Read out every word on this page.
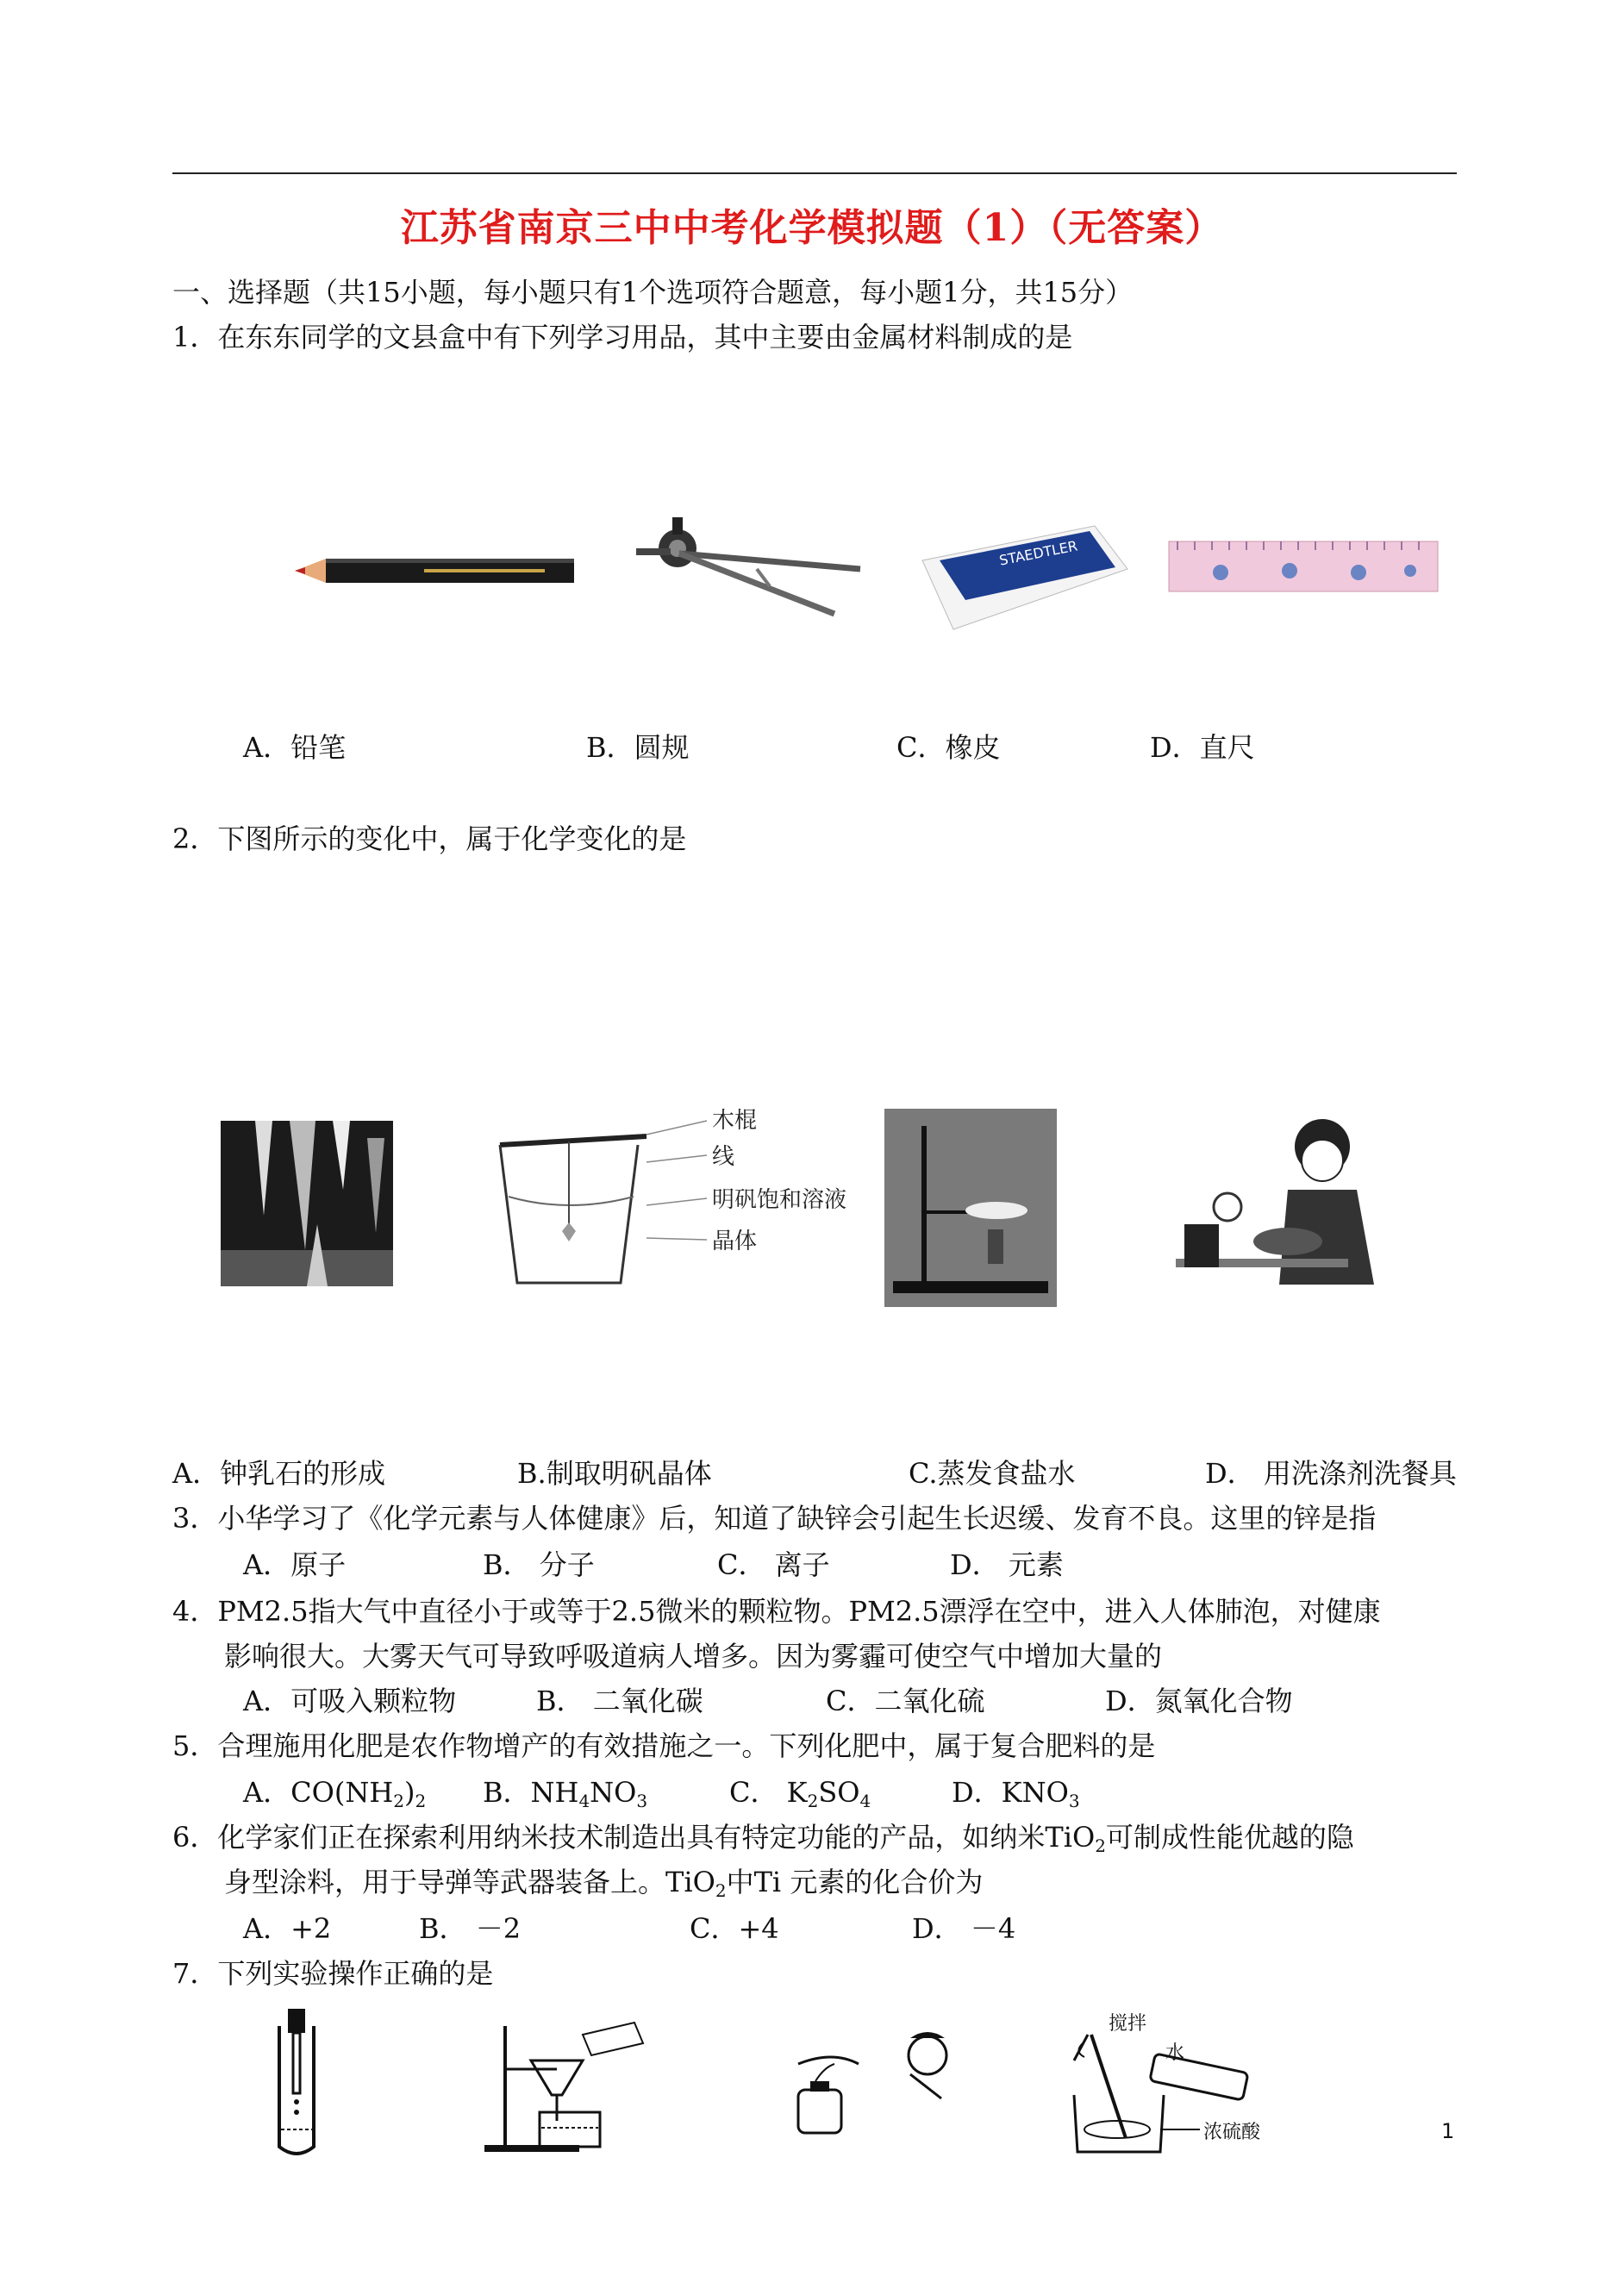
江苏省南京三中中考化学模拟题（1）（无答案）
一、选择题（共15小题，每小题只有1个选项符合题意，每小题1分，共15分）
1．在东东同学的文县盒中有下列学习用品，其中主要由金属材料制成的是
STAEDTLER
A．铅笔	B．圆规	C．橡皮	D．直尺
2．下图所示的变化中，属于化学变化的是
木棍
线
明矾饱和溶液
晶体
A．钟乳石的形成	B.制取明矾晶体	C.蒸发食盐水	D． 用洗涤剂洗餐具
3．小华学习了《化学元素与人体健康》后，知道了缺锌会引起生长迟缓、发育不良。这里的锌是指
A．原子	B． 分子	C． 离子	D． 元素
4．PM2.5指大气中直径小于或等于2.5微米的颗粒物。PM2.5漂浮在空中，进入人体肺泡，对健康
影响很大。大雾天气可导致呼吸道病人增多。因为雾霾可使空气中增加大量的
A．可吸入颗粒物	B． 二氧化碳	C．二氧化硫	D．氮氧化合物
5．合理施用化肥是农作物增产的有效措施之一。下列化肥中，属于复合肥料的是
A．$CO(NH_2)_2$ B．$NH_4NO_3$	C． $K_2SO_4$	D．$KNO_3$
6．化学家们正在探索利用纳米技术制造出具有特定功能的产品，如纳米TiO$_2$可制成性能优越的隐
身型涂料，用于导弹等武器装备上。TiO$_2$中Ti 元素的化合价为
A．+2	B． －2	C．+4	D． －4
7．下列实验操作正确的是
搅拌
水
浓硫酸	1
